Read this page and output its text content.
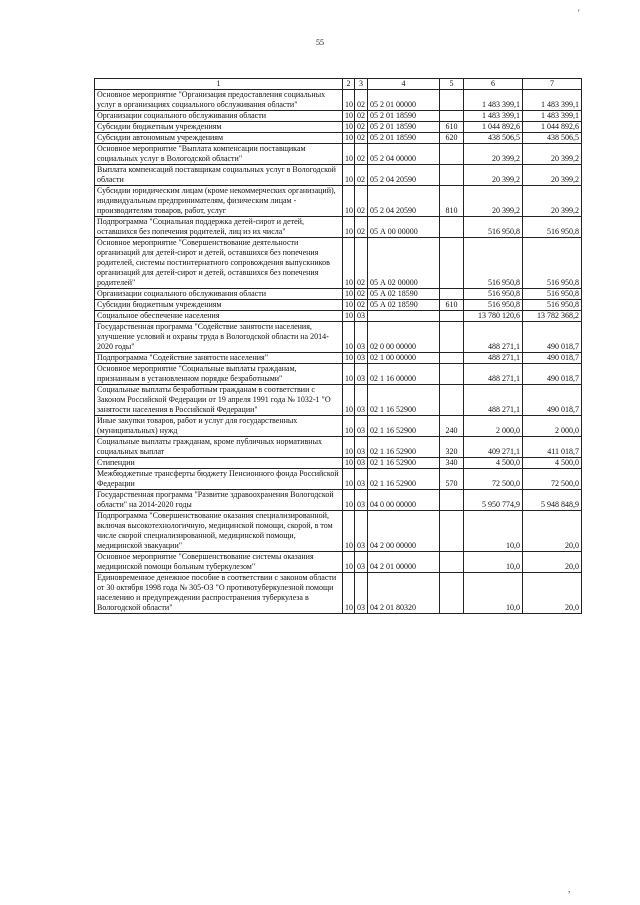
55
'
1	2	3	4	5	6	7
Основное мероприятие "Организация предоставления социальных услуг в организациях социального обслуживания области"	10	02	05 2 01 00000		1 483 399,1	1 483 399,1
Организации социального обслуживания области	10	02	05 2 01 18590		1 483 399,1	1 483 399,1
Субсидии бюджетным учреждениям	10	02	05 2 01 18590	610	1 044 892,6	1 044 892,6
Субсидии автономным учреждениям	10	02	05 2 01 18590	620	438 506,5	438 506,5
Основное мероприятие "Выплата компенсации поставщикам социальных услуг в Вологодской области"	10	02	05 2 04 00000		20 399,2	20 399,2
Выплата компенсаций поставщикам социальных услуг в Вологодской области	10	02	05 2 04 20590		20 399,2	20 399,2
Субсидии юридическим лицам (кроме некоммерческих организаций), индивидуальным предпринимателям, физическим лицам - производителям товаров, работ, услуг	10	02	05 2 04 20590	810	20 399,2	20 399,2
Подпрограмма "Социальная поддержка детей-сирот и детей, оставшихся без попечения родителей, лиц из их числа"	10	02	05 А 00 00000		516 950,8	516 950,8
Основное мероприятие "Совершенствование деятельности организаций для детей-сирот и детей, оставшихся без попечения родителей, системы постинтернатного сопровождения выпускников организаций для детей-сирот и детей, оставшихся без попечения родителей"	10	02	05 А 02 00000		516 950,8	516 950,8
Организации социального обслуживания области	10	02	05 А 02 18590		516 950,8	516 950,8
Субсидии бюджетным учреждениям	10	02	05 А 02 18590	610	516 950,8	516 950,8
Социальное обеспечение населения	10	03			13 780 120,6	13 782 368,2
Государственная программа "Содействие занятости населения, улучшение условий и охраны труда в Вологодской области на 2014-2020 годы"	10	03	02 0 00 00000		488 271,1	490 018,7
Подпрограмма "Содействие занятости населения"	10	03	02 1 00 00000		488 271,1	490 018,7
Основное мероприятие "Социальные выплаты гражданам, признанным в установленном порядке безработными"	10	03	02 1 16 00000		488 271,1	490 018,7
Социальные выплаты безработным гражданам в соответствии с Законом Российской Федерации от 19 апреля 1991 года № 1032-1 "О занятости населения в Российской Федерации"	10	03	02 1 16 52900		488 271,1	490 018,7
Иные закупки товаров, работ и услуг для государственных (муниципальных) нужд	10	03	02 1 16 52900	240	2 000,0	2 000,0
Социальные выплаты гражданам, кроме публичных нормативных социальных выплат	10	03	02 1 16 52900	320	409 271,1	411 018,7
Стипендии	10	03	02 1 16 52900	340	4 500,0	4 500,0
Межбюджетные трансферты бюджету Пенсионного фонда Российской Федерации	10	03	02 1 16 52900	570	72 500,0	72 500,0
Государственная программа "Развитие здравоохранения Вологодской области" на 2014-2020 годы	10	03	04 0 00 00000		5 950 774,9	5 948 848,9
Подпрограмма "Совершенствование оказания специализированной, включая высокотехнологичную, медицинской помощи, скорой, в том числе скорой специализированной, медицинской помощи, медицинской эвакуации"	10	03	04 2 00 00000		10,0	20,0
Основное мероприятие "Совершенствование системы оказания медицинской помощи больным туберкулезом"	10	03	04 2 01 00000		10,0	20,0
Единовременное денежное пособие в соответствии с законом области от 30 октября 1998 года № 305-ОЗ "О противотуберкулезной помощи населению и предупреждении распространения туберкулеза в Вологодской области"	10	03	04 2 01 80320		10,0	20,0
,
